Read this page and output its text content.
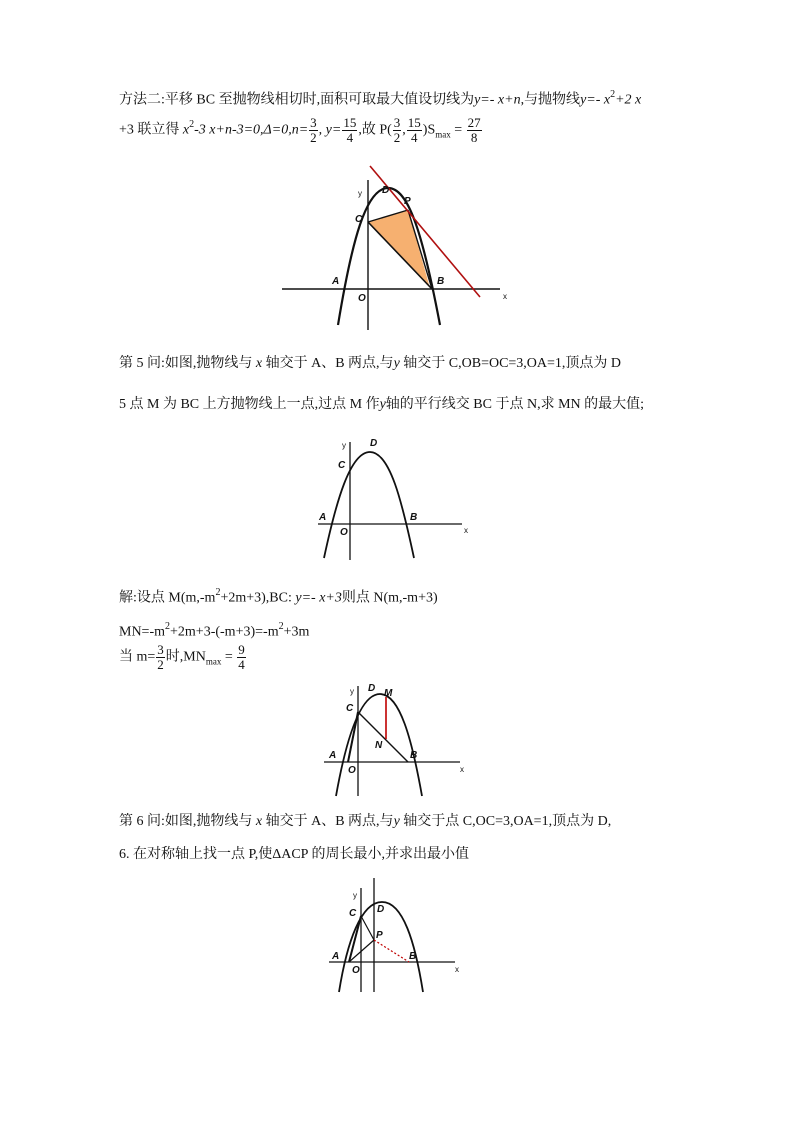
方法二:平移 BC 至抛物线相切时,面积可取最大值设切线为y=- x+n,与抛物线y=- $x^2+2$ x
+3 联立得 $x^2-3$ $x+n-3=0,\Delta=0,n= \frac{3}{2}$ , $y= \frac{15}{4}$ ,故 $P( \frac{3}{2}$ , $\frac{15}{4} )S_{max} = \frac{27}{8}$
y
x
D
P
C
A	B
O
第 5 问:如图,抛物线与 x 轴交于 A、B 两点,与y 轴交于 C,OB=OC=3,OA=1,顶点为 D
5 点 M 为 BC 上方抛物线上一点,过点 M 作y轴的平行线交 BC 于点 N,求 MN 的最大值;
y
x
D
C
A	B
O
解:设点 $M(m,-m^2+2m+3),BC$: y=- x+3则点 N(m,-m+3)
$MN=-m^2+2m+3-(-m+3)=-m^2+3m$
当 $m= \frac{3}{2}$ 时$,MN_{max} = \frac{9}{4}$
y
x
D M
C
N
A	B
O
第 6 问:如图,抛物线与 x 轴交于 A、B 两点,与y 轴交于点 C,OC=3,OA=1,顶点为 D,
6. 在对称轴上找一点 P,使ΔACP 的周长最小,并求出最小值
y
x
D
C
P
A	B
O
